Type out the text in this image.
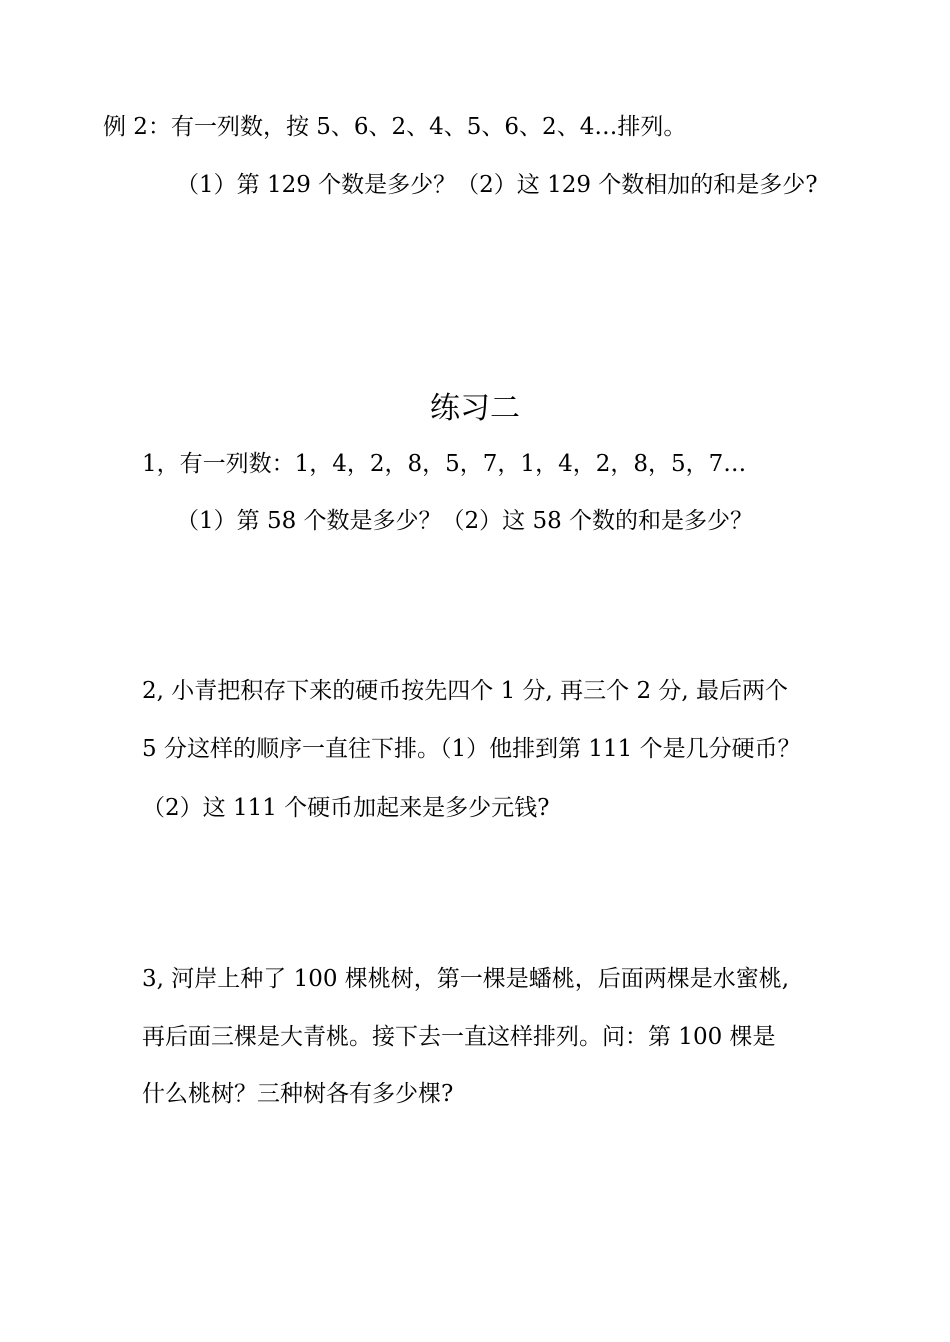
例 2：有一列数，按 5、6、2、4、5、6、2、4…排列。
（1）第 129 个数是多少？（2）这 129 个数相加的和是多少?
练习二
1，有一列数：1，4，2，8，5，7，1，4，2，8，5，7…
（1）第 58 个数是多少？（2）这 58 个数的和是多少？
2, 小青把积存下来的硬币按先四个 1 分, 再三个 2 分, 最后两个
5 分这样的顺序一直往下排。（1）他排到第 111 个是几分硬币？
（2）这 111 个硬币加起来是多少元钱?
3, 河岸上种了 100 棵桃树，第一棵是蟠桃，后面两棵是水蜜桃,
再后面三棵是大青桃。接下去一直这样排列。问：第 100 棵是
什么桃树？三种树各有多少棵?
